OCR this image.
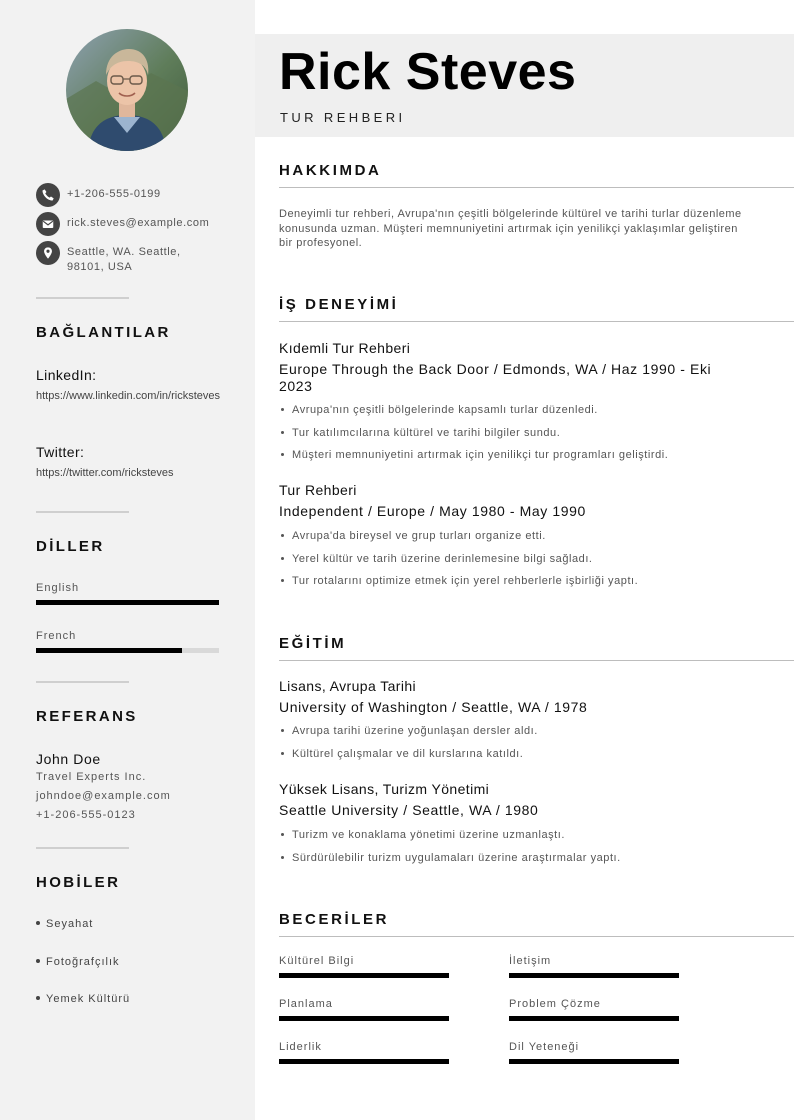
+1-206-555-0199
rick.steves@example.com
Seattle, WA. Seattle, 98101, USA
BAĞLANTILAR
LinkedIn:
https://www.linkedin.com/in/ricksteves
Twitter:
https://twitter.com/ricksteves
DİLLER
English
French
REFERANS
John Doe
Travel Experts Inc.
johndoe@example.com
+1-206-555-0123
HOBİLER
Seyahat
Fotoğrafçılık
Yemek Kültürü
Rick Steves
TUR REHBERI
HAKKIMDA

Deneyimli tur rehberi, Avrupa'nın çeşitli bölgelerinde kültürel ve tarihi turlar düzenleme konusunda uzman. Müşteri memnuniyetini artırmak için yenilikçi yaklaşımlar geliştiren bir profesyonel.

İŞ DENEYİMİ
Kıdemli Tur Rehberi
Europe Through the Back Door / Edmonds, WA / Haz 1990 - Eki 2023
Avrupa'nın çeşitli bölgelerinde kapsamlı turlar düzenledi.
Tur katılımcılarına kültürel ve tarihi bilgiler sundu.
Müşteri memnuniyetini artırmak için yenilikçi tur programları geliştirdi.
Tur Rehberi
Independent / Europe / May 1980 - May 1990
Avrupa'da bireysel ve grup turları organize etti.
Yerel kültür ve tarih üzerine derinlemesine bilgi sağladı.
Tur rotalarını optimize etmek için yerel rehberlerle işbirliği yaptı.
EĞİTİM
Lisans, Avrupa Tarihi
University of Washington / Seattle, WA / 1978
Avrupa tarihi üzerine yoğunlaşan dersler aldı.
Kültürel çalışmalar ve dil kurslarına katıldı.
Yüksek Lisans, Turizm Yönetimi
Seattle University / Seattle, WA / 1980
Turizm ve konaklama yönetimi üzerine uzmanlaştı.
Sürdürülebilir turizm uygulamaları üzerine araştırmalar yaptı.
BECERİLER
Kültürel Bilgi	İletişim
Planlama	Problem Çözme
Liderlik	Dil Yeteneği
